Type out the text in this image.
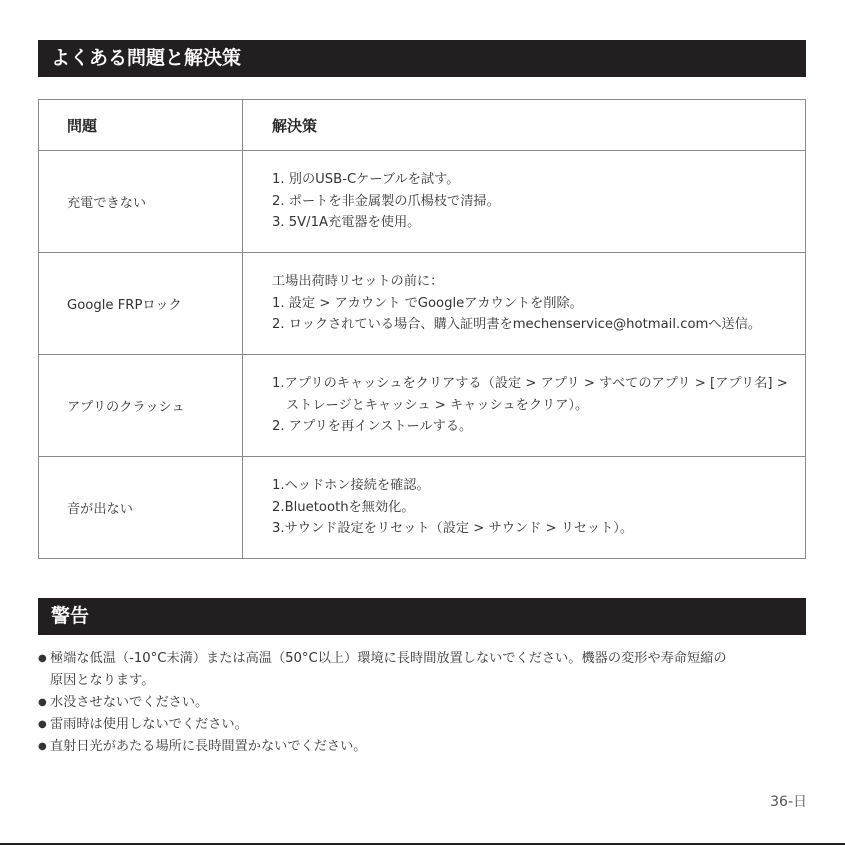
よくある問題と解決策
問題	解決策
充電できない	1. 別のUSB-Cケーブルを試す。
2. ポートを非金属製の爪楊枝で清掃。
3. 5V/1A充電器を使用。

Google FRPロック	工場出荷時リセットの前に：
1. 設定 > アカウント でGoogleアカウントを削除。
2. ロックされている場合、購入証明書をmechenservice@hotmail.comへ送信。

アプリのクラッシュ	1.アプリのキャッシュをクリアする（設定 > アプリ > すべてのアプリ > [アプリ名] >
ストレージとキャッシュ > キャッシュをクリア）。
2. アプリを再インストールする。

音が出ない	1.ヘッドホン接続を確認。
2.Bluetoothを無効化。
3.サウンド設定をリセット（設定 > サウンド > リセット）。
警告
● 極端な低温（-10°C未満）または高温（50°C以上）環境に長時間放置しないでください。機器の変形や寿命短縮の
原因となります。
● 水没させないでください。
● 雷雨時は使用しないでください。
● 直射日光があたる場所に長時間置かないでください。
36-日
